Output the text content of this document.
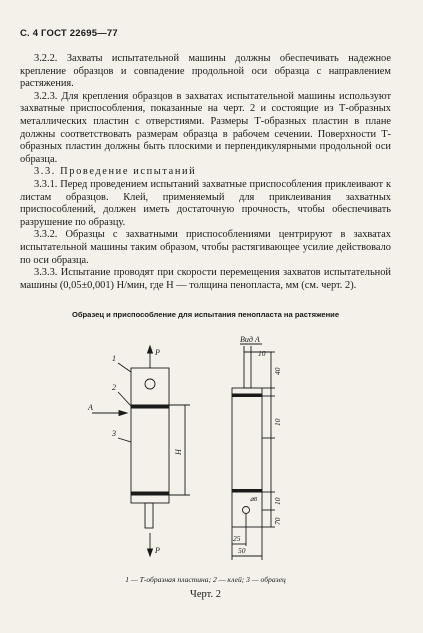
С. 4 ГОСТ 22695—77

3.2.2. Захваты испытательной машины должны обеспечивать надежное крепление образцов и совпадение продольной оси образца с направлением растяжения.

3.2.3. Для крепления образцов в захватах испытательной машины используют захватные приспособления, показанные на черт. 2 и состоящие из Т-образных металлических пластин с отверстиями. Размеры Т-образных пластин в плане должны соответствовать размерам образца в рабочем сечении. Поверхности Т-образных пластин должны быть плоскими и перпендикулярными продольной оси образца.

3.3. Проведение испытаний

3.3.1. Перед проведением испытаний захватные приспособления приклеивают к листам образцов. Клей, применяемый для приклеивания захватных приспособлений, должен иметь достаточную прочность, чтобы обеспечивать разрушение по образцу.

3.3.2. Образцы с захватными приспособлениями центрируют в захватах испытательной машины таким образом, чтобы растягивающее усилие действовало по оси образца.

3.3.3. Испытание проводят при скорости перемещения захватов испытательной машины (0,05±0,001) H/мин, где H — толщина пенопласта, мм (см. черт. 2).

Образец и приспособление для испытания пенопласта на растяжение
P
P
1
2
3
A
H
Вид А
⌀8
10
40
10
10
70
25
50
1 — Т-образная пластина; 2 — клей; 3 — образец
Черт. 2
